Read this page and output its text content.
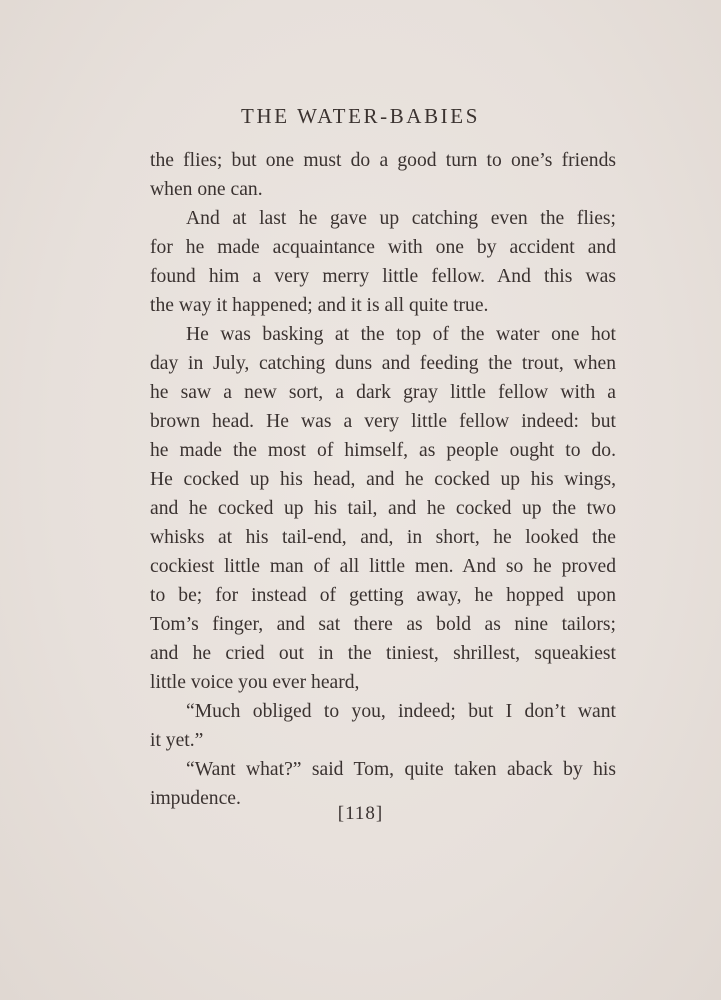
THE WATER-BABIES
the flies; but one must do a good turn to one’s friends
when one can.
And at last he gave up catching even the flies;
for he made acquaintance with one by accident and
found him a very merry little fellow. And this was
the way it happened; and it is all quite true.
He was basking at the top of the water one hot
day in July, catching duns and feeding the trout, when
he saw a new sort, a dark gray little fellow with a
brown head. He was a very little fellow indeed: but
he made the most of himself, as people ought to do.
He cocked up his head, and he cocked up his wings,
and he cocked up his tail, and he cocked up the two
whisks at his tail-end, and, in short, he looked the
cockiest little man of all little men. And so he proved
to be; for instead of getting away, he hopped upon
Tom’s finger, and sat there as bold as nine tailors;
and he cried out in the tiniest, shrillest, squeakiest
little voice you ever heard,
“Much obliged to you, indeed; but I don’t want
it yet.”
“Want what?” said Tom, quite taken aback by his
impudence.
[118]
